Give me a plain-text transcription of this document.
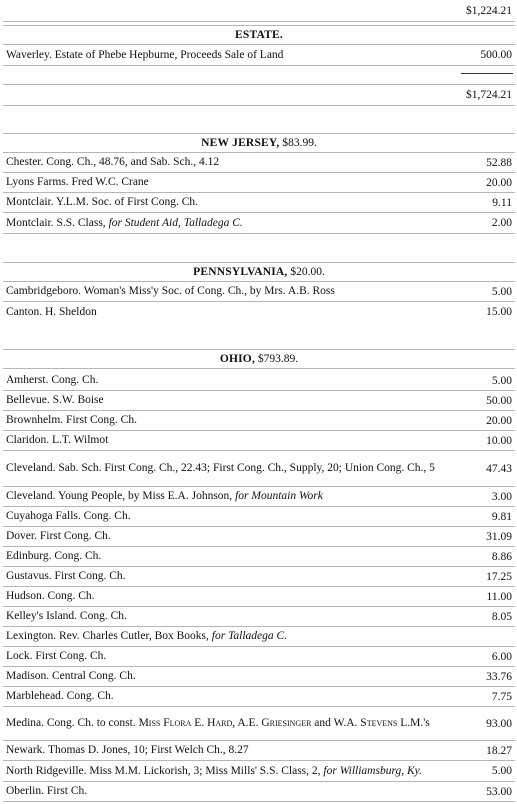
$1,224.21
ESTATE.
Waverley. Estate of Phebe Hepburne, Proceeds Sale of Land	500.00
$1,724.21
NEW JERSEY, $83.99.
Chester. Cong. Ch., 48.76, and Sab. Sch., 4.12	52.88
Lyons Farms. Fred W.C. Crane	20.00
Montclair. Y.L.M. Soc. of First Cong. Ch.	9.11
Montclair. S.S. Class, for Student Aid, Talladega C.	2.00
PENNSYLVANIA, $20.00.
Cambridgeboro. Woman's Miss'y Soc. of Cong. Ch., by Mrs. A.B. Ross	5.00
Canton. H. Sheldon	15.00
OHIO, $793.89.
Amherst. Cong. Ch.	5.00
Bellevue. S.W. Boise	50.00
Brownhelm. First Cong. Ch.	20.00
Claridon. L.T. Wilmot	10.00
Cleveland. Sab. Sch. First Cong. Ch., 22.43; First Cong. Ch., Supply, 20; Union Cong. Ch., 5	47.43
Cleveland. Young People, by Miss E.A. Johnson, for Mountain Work	3.00
Cuyahoga Falls. Cong. Ch.	9.81
Dover. First Cong. Ch.	31.09
Edinburg. Cong. Ch.	8.86
Gustavus. First Cong. Ch.	17.25
Hudson. Cong. Ch.	11.00
Kelley's Island. Cong. Ch.	8.05
Lexington. Rev. Charles Cutler, Box Books, for Talladega C.
Lock. First Cong. Ch.	6.00
Madison. Central Cong. Ch.	33.76
Marblehead. Cong. Ch.	7.75
Medina. Cong. Ch. to const. Miss Flora E. Hard, A.E. Griesinger and W.A. Stevens L.M.'s	93.00
Newark. Thomas D. Jones, 10; First Welch Ch., 8.27	18.27
North Ridgeville. Miss M.M. Lickorish, 3; Miss Mills' S.S. Class, 2, for Williamsburg, Ky.	5.00
Oberlin. First Ch.	53.00
